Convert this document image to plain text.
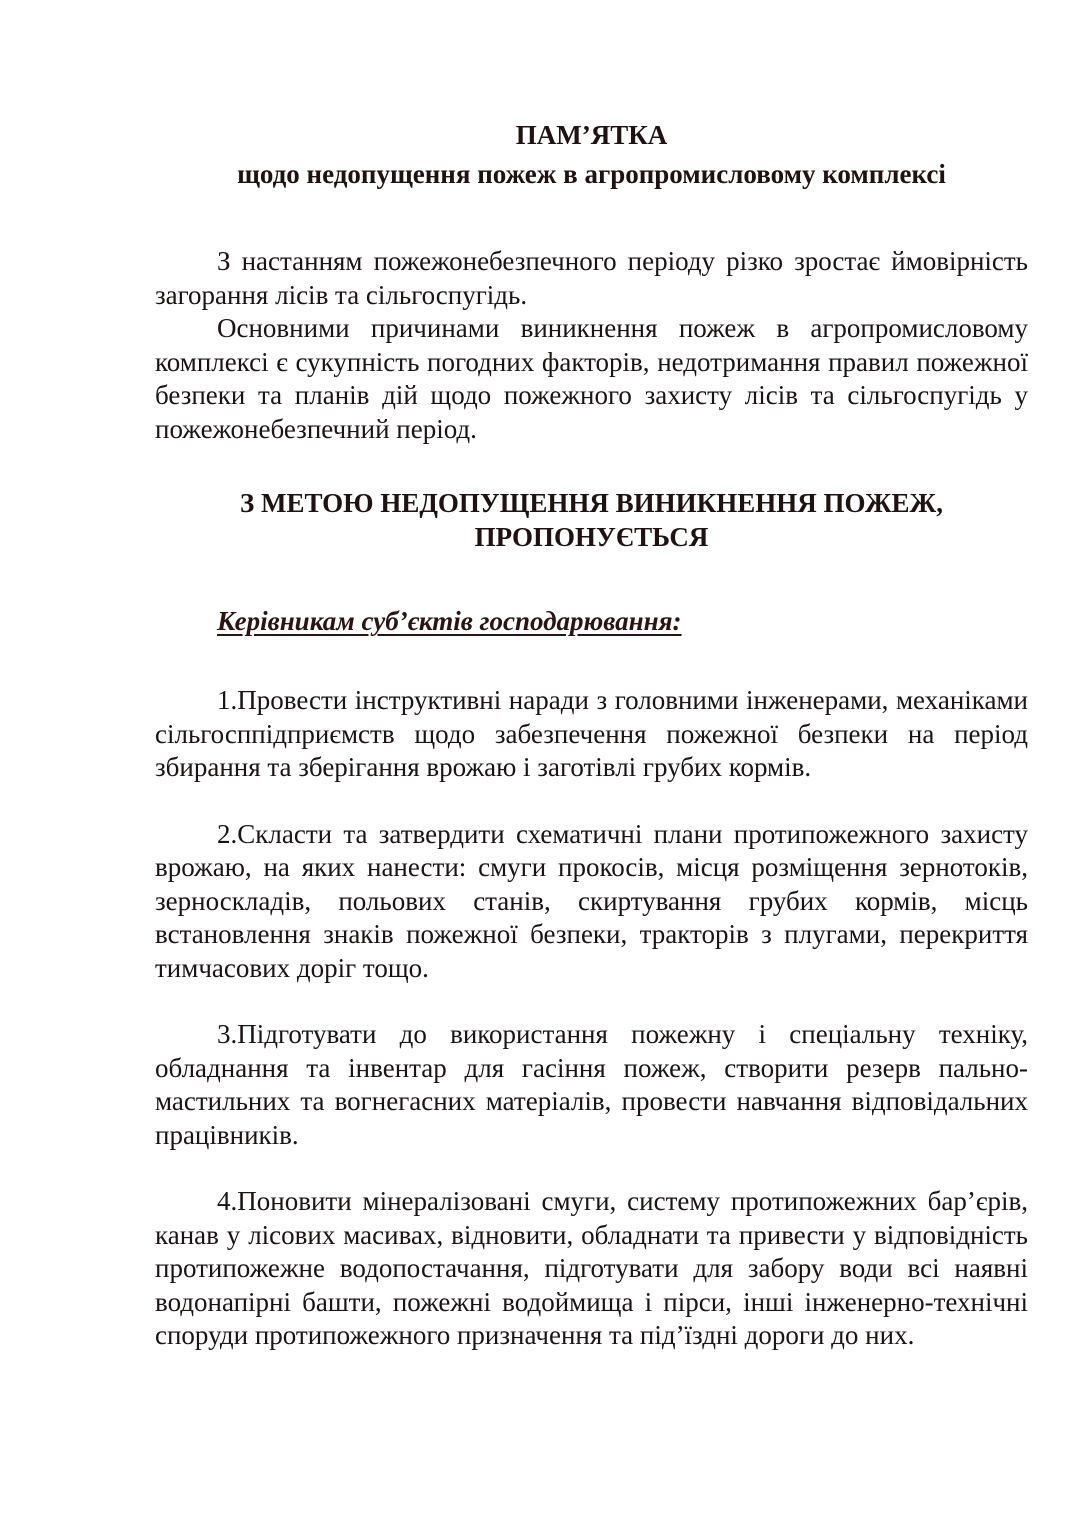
ПАМ’ЯТКА
щодо недопущення пожеж в агропромисловому комплексі

З настанням пожежонебезпечного періоду різко зростає ймовірність загорання лісів та сільгоспугідь.

Основними причинами виникнення пожеж в агропромисловому комплексі є сукупність погодних факторів, недотримання правил пожежної безпеки та планів дій щодо пожежного захисту лісів та сільгоспугідь у пожежонебезпечний період.

З МЕТОЮ НЕДОПУЩЕННЯ ВИНИКНЕННЯ ПОЖЕЖ,
ПРОПОНУЄТЬСЯ
Керівникам суб’єктів господарювання:

1.Провести інструктивні наради з головними інженерами, механіками сільгосппідприємств щодо забезпечення пожежної безпеки на період збирання та зберігання врожаю і заготівлі грубих кормів.

2.Скласти та затвердити схематичні плани протипожежного захисту врожаю, на яких нанести: смуги прокосів, місця розміщення зернотоків, зерноскладів, польових станів, скиртування грубих кормів, місць встановлення знаків пожежної безпеки, тракторів з плугами, перекриття тимчасових доріг тощо.

3.Підготувати до використання пожежну і спеціальну техніку, обладнання та інвентар для гасіння пожеж, створити резерв пально-мастильних та вогнегасних матеріалів, провести навчання відповідальних працівників.

4.Поновити мінералізовані смуги, систему протипожежних бар’єрів, канав у лісових масивах, відновити, обладнати та привести у відповідність протипожежне водопостачання, підготувати для забору води всі наявні водонапірні башти, пожежні водоймища і пірси, інші інженерно-технічні споруди протипожежного призначення та під’їздні дороги до них.
